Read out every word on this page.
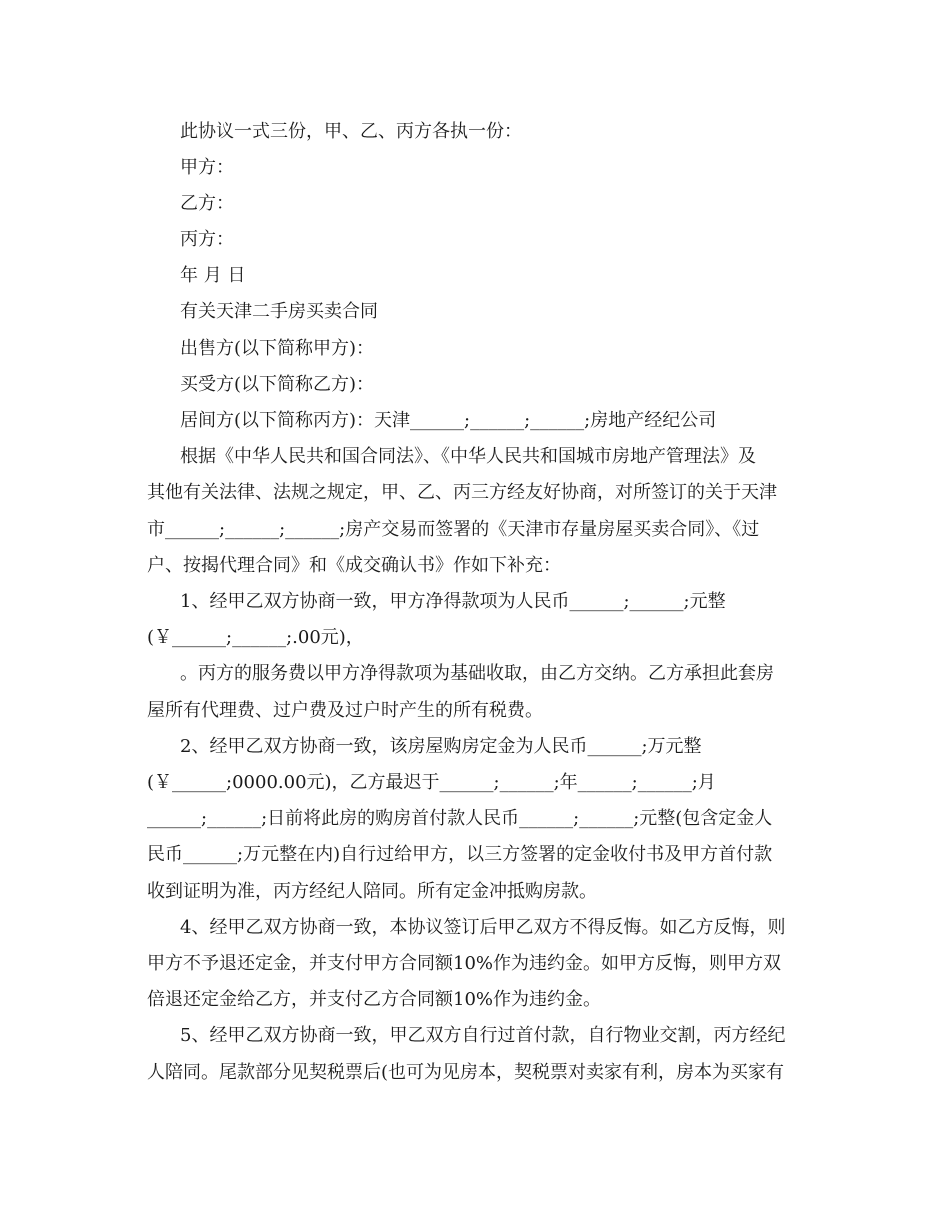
此协议一式三份，甲、乙、丙方各执一份：
甲方：
乙方：
丙方：
年 月 日
有关天津二手房买卖合同
出售方(以下简称甲方)：
买受方(以下简称乙方)：
居间方(以下简称丙方)：天津______;______;______;房地产经纪公司
根据《中华人民共和国合同法》、《中华人民共和国城市房地产管理法》及
其他有关法律、法规之规定，甲、乙、丙三方经友好协商，对所签订的关于天津
市______;______;______;房产交易而签署的《天津市存量房屋买卖合同》、《过
户、按揭代理合同》和《成交确认书》作如下补充：
1、经甲乙双方协商一致，甲方净得款项为人民币______;______;元整
(￥______;______;.00元)，
。丙方的服务费以甲方净得款项为基础收取，由乙方交纳。乙方承担此套房
屋所有代理费、过户费及过户时产生的所有税费。
2、经甲乙双方协商一致，该房屋购房定金为人民币______;万元整
(￥______;0000.00元)，乙方最迟于______;______;年______;______;月
______;______;日前将此房的购房首付款人民币______;______;元整(包含定金人
民币______;万元整在内)自行过给甲方，以三方签署的定金收付书及甲方首付款
收到证明为准，丙方经纪人陪同。所有定金冲抵购房款。
4、经甲乙双方协商一致，本协议签订后甲乙双方不得反悔。如乙方反悔，则
甲方不予退还定金，并支付甲方合同额10%作为违约金。如甲方反悔，则甲方双
倍退还定金给乙方，并支付乙方合同额10%作为违约金。
5、经甲乙双方协商一致，甲乙双方自行过首付款，自行物业交割，丙方经纪
人陪同。尾款部分见契税票后(也可为见房本，契税票对卖家有利，房本为买家有
